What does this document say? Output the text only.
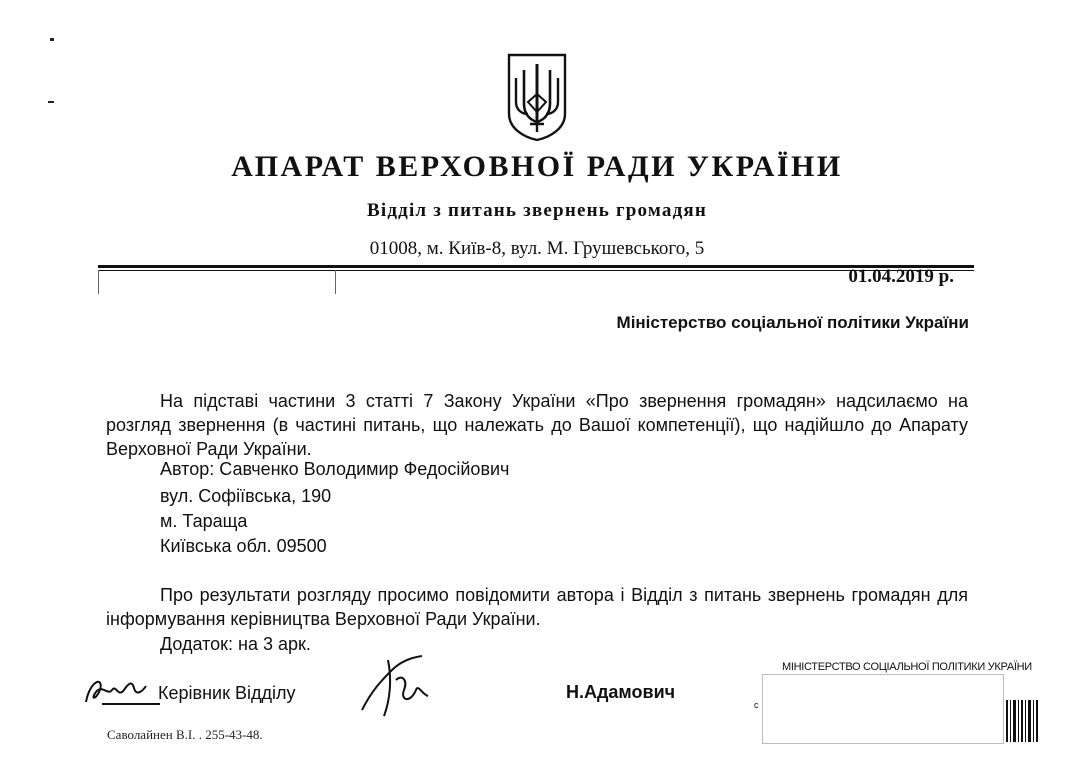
АПАРАТ ВЕРХОВНОЇ РАДИ УКРАЇНИ
Відділ з питань звернень громадян
01008, м. Київ-8, вул. М. Грушевського, 5
01.04.2019 р.
Міністерство соціальної політики України

На підставі частини 3 статті 7 Закону України «Про звернення громадян» надсилаємо на розгляд звернення (в частині питань, що належать до Вашої компетенції), що надійшло до Апарату Верховної Ради України.

Автор: Савченко Володимир Федосійович
вул. Софіївська, 190
м. Тараща
Київська обл. 09500

Про результати розгляду просимо повідомити автора і Відділ з питань звернень громадян для інформування керівництва Верховної Ради України.

Додаток: на 3 арк.
Керівник Відділу	Н.Адамович
Саволайнен В.І. . 255-43-48.
МІНІСТЕРСТВО СОЦІАЛЬНОЇ ПОЛІТИКИ УКРАЇНИ
с
